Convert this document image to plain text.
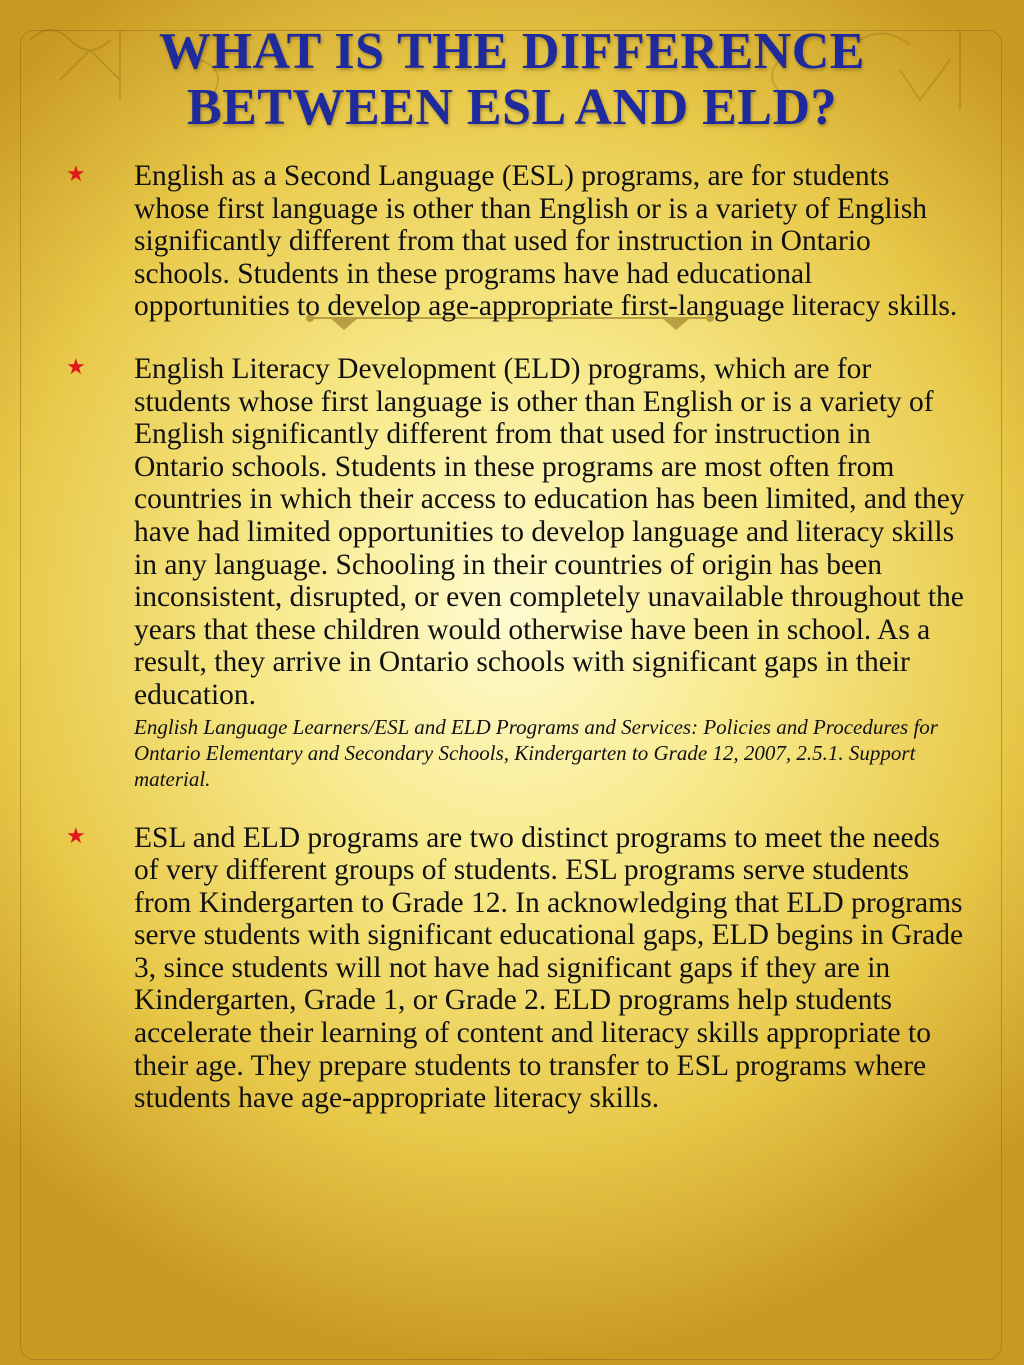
WHAT IS THE DIFFERENCE
BETWEEN ESL AND ELD?
★ English as a Second Language (ESL) programs, are for students whose first language is other than English or is a variety of English significantly different from that used for instruction in Ontario schools. Students in these programs have had educational opportunities to develop age-appropriate first-language literacy skills.
★ English Literacy Development (ELD) programs, which are for students whose first language is other than English or is a variety of English significantly different from that used for instruction in Ontario schools. Students in these programs are most often from countries in which their access to education has been limited, and they have had limited opportunities to develop language and literacy skills in any language. Schooling in their countries of origin has been inconsistent, disrupted, or even completely unavailable throughout the years that these children would otherwise have been in school. As a result, they arrive in Ontario schools with significant gaps in their education.
English Language Learners/ESL and ELD Programs and Services: Policies and Procedures for Ontario Elementary and Secondary Schools, Kindergarten to Grade 12, 2007, 2.5.1. Support material.
★ ESL and ELD programs are two distinct programs to meet the needs of very different groups of students. ESL programs serve students from Kindergarten to Grade 12. In acknowledging that ELD programs serve students with significant educational gaps, ELD begins in Grade 3, since students will not have had significant gaps if they are in Kindergarten, Grade 1, or Grade 2. ELD programs help students accelerate their learning of content and literacy skills appropriate to their age. They prepare students to transfer to ESL programs where students have age-appropriate literacy skills.
